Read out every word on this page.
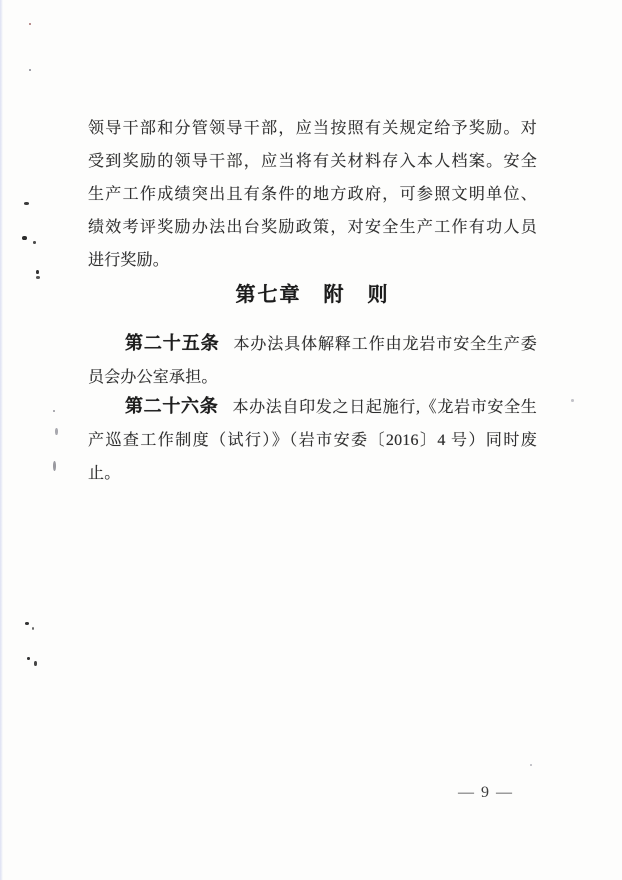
领导干部和分管领导干部，应当按照有关规定给予奖励。对
受到奖励的领导干部，应当将有关材料存入本人档案。安全
生产工作成绩突出且有条件的地方政府，可参照文明单位、
绩效考评奖励办法出台奖励政策，对安全生产工作有功人员
进行奖励。
第七章　附　则
第二十五条 本办法具体解释工作由龙岩市安全生产委
员会办公室承担。
第二十六条 本办法自印发之日起施行,《龙岩市安全生
产巡查工作制度（试行）》（岩市安委〔2016〕4 号）同时废
止。
— 9 —
